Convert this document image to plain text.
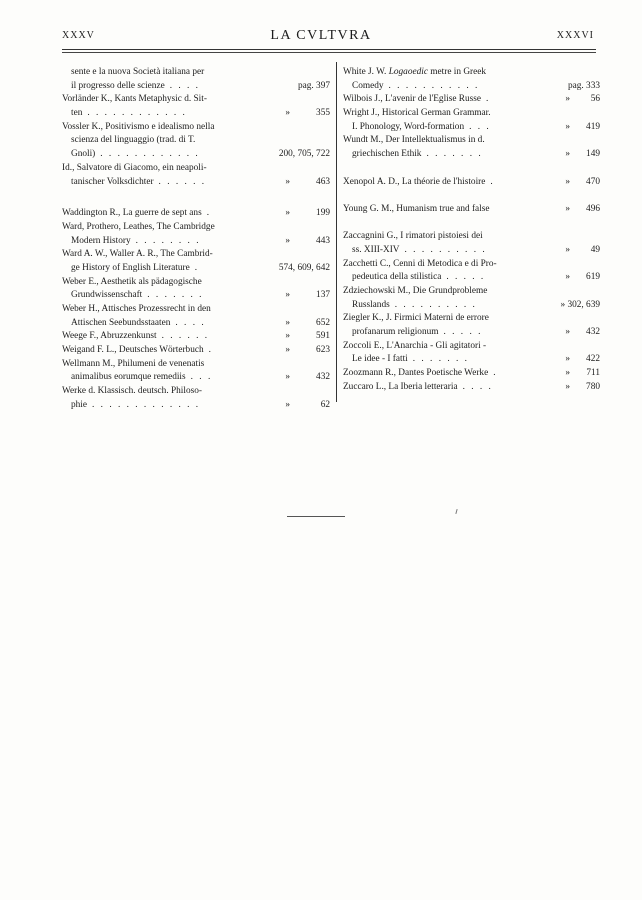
XXXV	LA CVLTVRA	XXXVI
sente e la nuova Società italiana per
il progresso delle scienze . . . .	pag. 397
Vorländer K., Kants Metaphysic d. Sit-
ten . . . . . . . . . . . .	»	355
Vossler K., Positivismo e idealismo nella
scienza del linguaggio (trad. di T.
Gnoli) . . . . . . . . . . . .	200, 705, 722
Id., Salvatore di Giacomo, ein neapoli-
tanischer Volksdichter . . . . . .	»	463
Waddington R., La guerre de sept ans .	»	199
Ward, Prothero, Leathes, The Cambridge
Modern History . . . . . . . .	»	443
Ward A. W., Waller A. R., The Cambrid-
ge History of English Literature .	574, 609, 642
Weber E., Aesthetik als pädagogische
Grundwissenschaft . . . . . . .	»	137
Weber H., Attisches Prozessrecht in den
Attischen Seebundsstaaten . . . .	»	652
Weege F., Abruzzenkunst . . . . . .	»	591
Weigand F. L., Deutsches Wörterbuch .	»	623
Wellmann M., Philumeni de venenatis
animalibus eorumque remediis . . .	»	432
Werke d. Klassisch. deutsch. Philoso-
phie . . . . . . . . . . . . .	»	62
White J. W. Logaoedic metre in Greek
Comedy . . . . . . . . . . .	pag. 333
Wilbois J., L'avenir de l'Eglise Russe .	» 56
Wright J., Historical German Grammar.
I. Phonology, Word-formation . . .	» 419
Wundt M., Der Intellektualismus in d.
griechischen Ethik . . . . . . .	» 149
Xenopol A. D., La théorie de l'histoire .	» 470
Young G. M., Humanism true and false	» 496
Zaccagnini G., I rimatori pistoiesi dei
ss. XIII-XIV . . . . . . . . . .	» 49
Zacchetti C., Cenni di Metodica e di Pro-
pedeutica della stilistica . . . . .	» 619
Zdziechowski M., Die Grundprobleme
Russlands . . . . . . . . . .	» 302, 639
Ziegler K., J. Firmici Materni de errore
profanarum religionum . . . . .	» 432
Zoccoli E., L'Anarchia - Gli agitatori -
Le idee - I fatti . . . . . . .	» 422
Zoozmann R., Dantes Poetische Werke .	» 711
Zuccaro L., La Iberia letteraria . . . .	» 780
